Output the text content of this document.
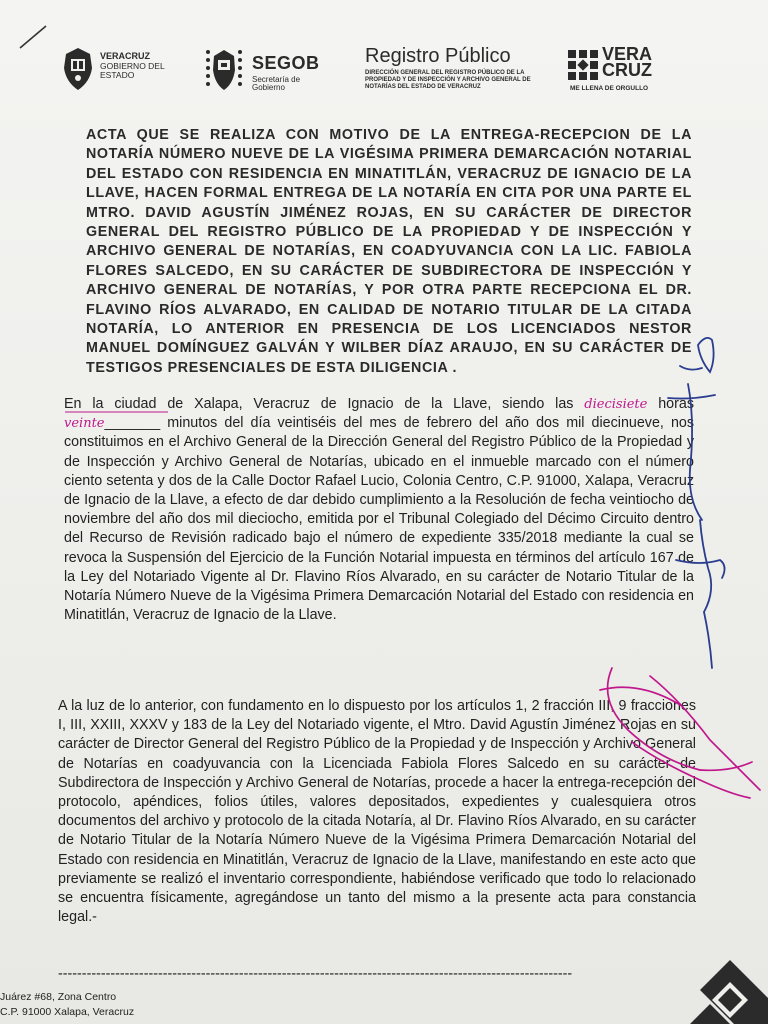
VERACRUZ
GOBIERNO DEL ESTADO
SEGOB
Secretaría de Gobierno
Registro Público
DIRECCIÓN GENERAL DEL REGISTRO PÚBLICO DE LA PROPIEDAD Y DE INSPECCIÓN Y ARCHIVO GENERAL DE NOTARÍAS DEL ESTADO DE VERACRUZ
VERA CRUZ
ME LLENA DE ORGULLO
ACTA QUE SE REALIZA CON MOTIVO DE LA ENTREGA-RECEPCION DE LA NOTARÍA NÚMERO NUEVE DE LA VIGÉSIMA PRIMERA DEMARCACIÓN NOTARIAL DEL ESTADO CON RESIDENCIA EN MINATITLÁN, VERACRUZ DE IGNACIO DE LA LLAVE, HACEN FORMAL ENTREGA DE LA NOTARÍA EN CITA POR UNA PARTE EL MTRO. DAVID AGUSTÍN JIMÉNEZ ROJAS, EN SU CARÁCTER DE DIRECTOR GENERAL DEL REGISTRO PÚBLICO DE LA PROPIEDAD Y DE INSPECCIÓN Y ARCHIVO GENERAL DE NOTARÍAS, EN COADYUVANCIA CON LA LIC. FABIOLA FLORES SALCEDO, EN SU CARÁCTER DE SUBDIRECTORA DE INSPECCIÓN Y ARCHIVO GENERAL DE NOTARÍAS, Y POR OTRA PARTE RECEPCIONA EL DR. FLAVINO RÍOS ALVARADO, EN CALIDAD DE NOTARIO TITULAR DE LA CITADA NOTARÍA, LO ANTERIOR EN PRESENCIA DE LOS LICENCIADOS NESTOR MANUEL DOMÍNGUEZ GALVÁN Y WILBER DÍAZ ARAUJO, EN SU CARÁCTER DE TESTIGOS PRESENCIALES DE ESTA DILIGENCIA .
En la ciudad de Xalapa, Veracruz de Ignacio de la Llave, siendo las diecisiete horas veinte_______ minutos del día veintiséis del mes de febrero del año dos mil diecinueve, nos constituimos en el Archivo General de la Dirección General del Registro Público de la Propiedad y de Inspección y Archivo General de Notarías, ubicado en el inmueble marcado con el número ciento setenta y dos de la Calle Doctor Rafael Lucio, Colonia Centro, C.P. 91000, Xalapa, Veracruz de Ignacio de la Llave, a efecto de dar debido cumplimiento a la Resolución de fecha veintiocho de noviembre del año dos mil dieciocho, emitida por el Tribunal Colegiado del Décimo Circuito dentro del Recurso de Revisión radicado bajo el número de expediente 335/2018 mediante la cual se revoca la Suspensión del Ejercicio de la Función Notarial impuesta en términos del artículo 167 de la Ley del Notariado Vigente al Dr. Flavino Ríos Alvarado, en su carácter de Notario Titular de la Notaría Número Nueve de la Vigésima Primera Demarcación Notarial del Estado con residencia en Minatitlán, Veracruz de Ignacio de la Llave.
A la luz de lo anterior, con fundamento en lo dispuesto por los artículos 1, 2 fracción III, 9 fracciones I, III, XXIII, XXXV y 183 de la Ley del Notariado vigente, el Mtro. David Agustín Jiménez Rojas en su carácter de Director General del Registro Público de la Propiedad y de Inspección y Archivo General de Notarías en coadyuvancia con la Licenciada Fabiola Flores Salcedo en su carácter de Subdirectora de Inspección y Archivo General de Notarías, procede a hacer la entrega-recepción del protocolo, apéndices, folios útiles, valores depositados, expedientes y cualesquiera otros documentos del archivo y protocolo de la citada Notaría, al Dr. Flavino Ríos Alvarado, en su carácter de Notario Titular de la Notaría Número Nueve de la Vigésima Primera Demarcación Notarial del Estado con residencia en Minatitlán, Veracruz de Ignacio de la Llave, manifestando en este acto que previamente se realizó el inventario correspondiente, habiéndose verificado que todo lo relacionado se encuentra físicamente, agregándose un tanto del mismo a la presente acta para constancia legal.-
------------------------------------------------------------------------------------------------------------
Juárez #68, Zona Centro
C.P. 91000 Xalapa, Veracruz
